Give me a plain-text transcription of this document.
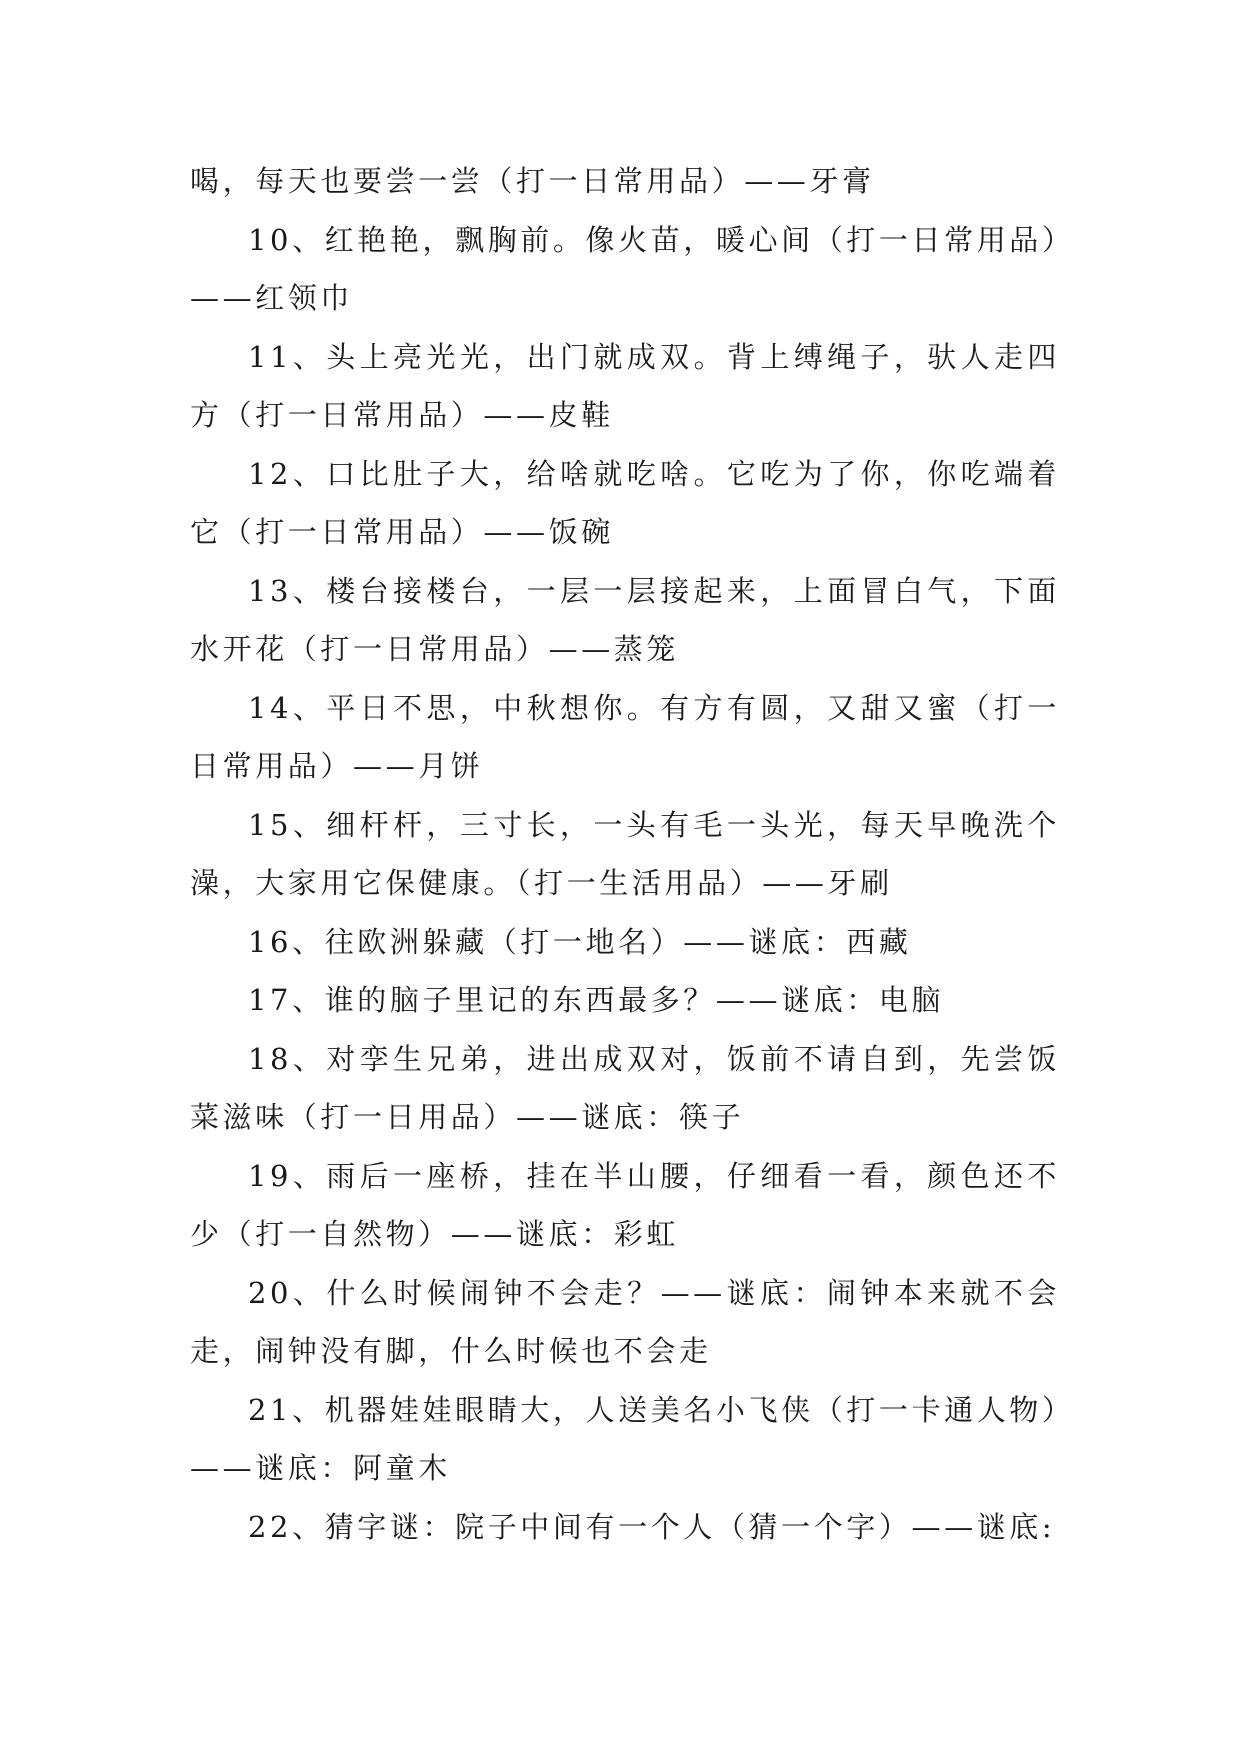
喝，每天也要尝一尝（打一日常用品）——牙膏

10、红艳艳，飘胸前。像火苗，暖心间（打一日常用品）——红领巾

11、头上亮光光，出门就成双。背上缚绳子，驮人走四方（打一日常用品）——皮鞋

12、口比肚子大，给啥就吃啥。它吃为了你，你吃端着它（打一日常用品）——饭碗

13、楼台接楼台，一层一层接起来，上面冒白气，下面水开花（打一日常用品）——蒸笼

14、平日不思，中秋想你。有方有圆，又甜又蜜（打一日常用品）——月饼

15、细杆杆，三寸长，一头有毛一头光，每天早晚洗个澡，大家用它保健康。（打一生活用品）——牙刷

16、往欧洲躲藏（打一地名）——谜底：西藏

17、谁的脑子里记的东西最多？——谜底：电脑

18、对孪生兄弟，进出成双对，饭前不请自到，先尝饭菜滋味（打一日用品）——谜底：筷子

19、雨后一座桥，挂在半山腰，仔细看一看，颜色还不少（打一自然物）——谜底：彩虹

20、什么时候闹钟不会走？——谜底：闹钟本来就不会走，闹钟没有脚，什么时候也不会走

21、机器娃娃眼睛大，人送美名小飞侠（打一卡通人物）——谜底：阿童木

22、猜字谜：院子中间有一个人（猜一个字）——谜底:
